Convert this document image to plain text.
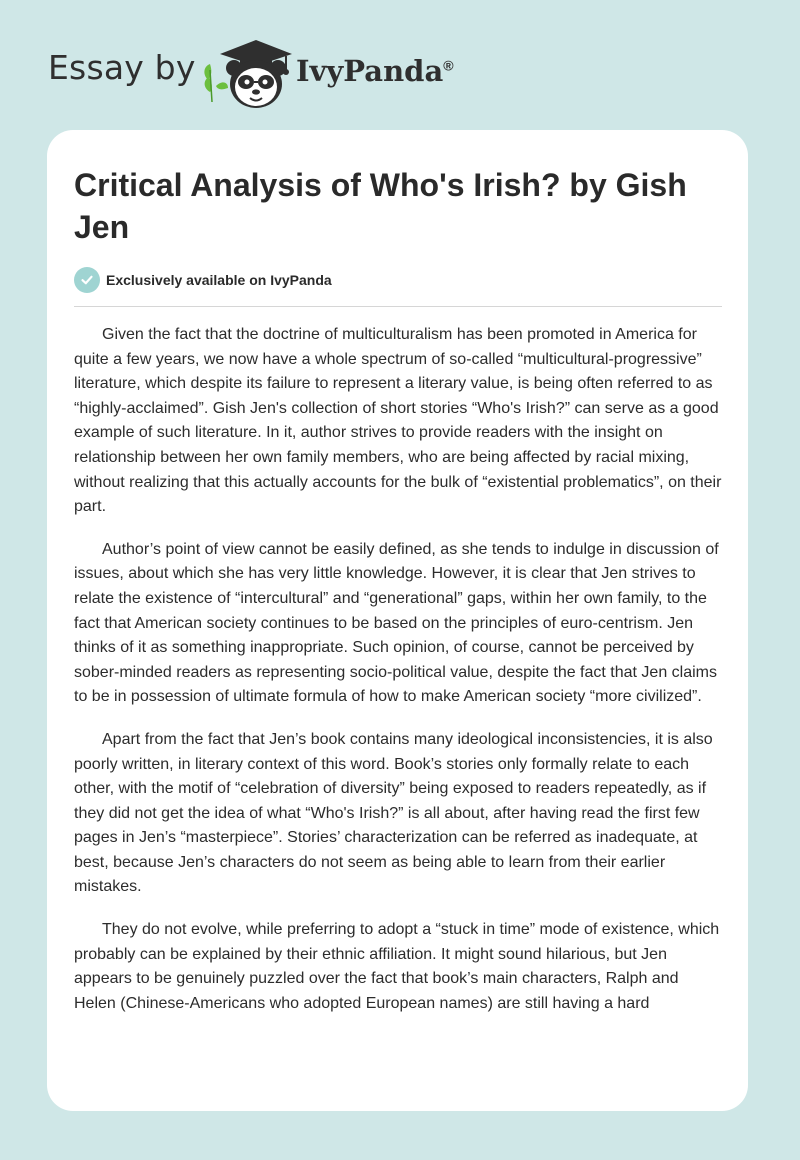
Essay by	IvyPanda®
Critical Analysis of Who's Irish? by Gish Jen
Exclusively available on IvyPanda

Given the fact that the doctrine of multiculturalism has been promoted in America for quite a few years, we now have a whole spectrum of so-called “multicultural-progressive” literature, which despite its failure to represent a literary value, is being often referred to as “highly-acclaimed”. Gish Jen's collection of short stories “Who's Irish?” can serve as a good example of such literature. In it, author strives to provide readers with the insight on relationship between her own family members, who are being affected by racial mixing, without realizing that this actually accounts for the bulk of “existential problematics”, on their part.

Author’s point of view cannot be easily defined, as she tends to indulge in discussion of issues, about which she has very little knowledge. However, it is clear that Jen strives to relate the existence of “intercultural” and “generational” gaps, within her own family, to the fact that American society continues to be based on the principles of euro-centrism. Jen thinks of it as something inappropriate. Such opinion, of course, cannot be perceived by sober-minded readers as representing socio-political value, despite the fact that Jen claims to be in possession of ultimate formula of how to make American society “more civilized”.

Apart from the fact that Jen’s book contains many ideological inconsistencies, it is also poorly written, in literary context of this word. Book’s stories only formally relate to each other, with the motif of “celebration of diversity” being exposed to readers repeatedly, as if they did not get the idea of what “Who's Irish?” is all about, after having read the first few pages in Jen’s “masterpiece”. Stories’ characterization can be referred as inadequate, at best, because Jen’s characters do not seem as being able to learn from their earlier mistakes.

They do not evolve, while preferring to adopt a “stuck in time” mode of existence, which probably can be explained by their ethnic affiliation. It might sound hilarious, but Jen appears to be genuinely puzzled over the fact that book’s main characters, Ralph and Helen (Chinese-Americans who adopted European names) are still having a hard
